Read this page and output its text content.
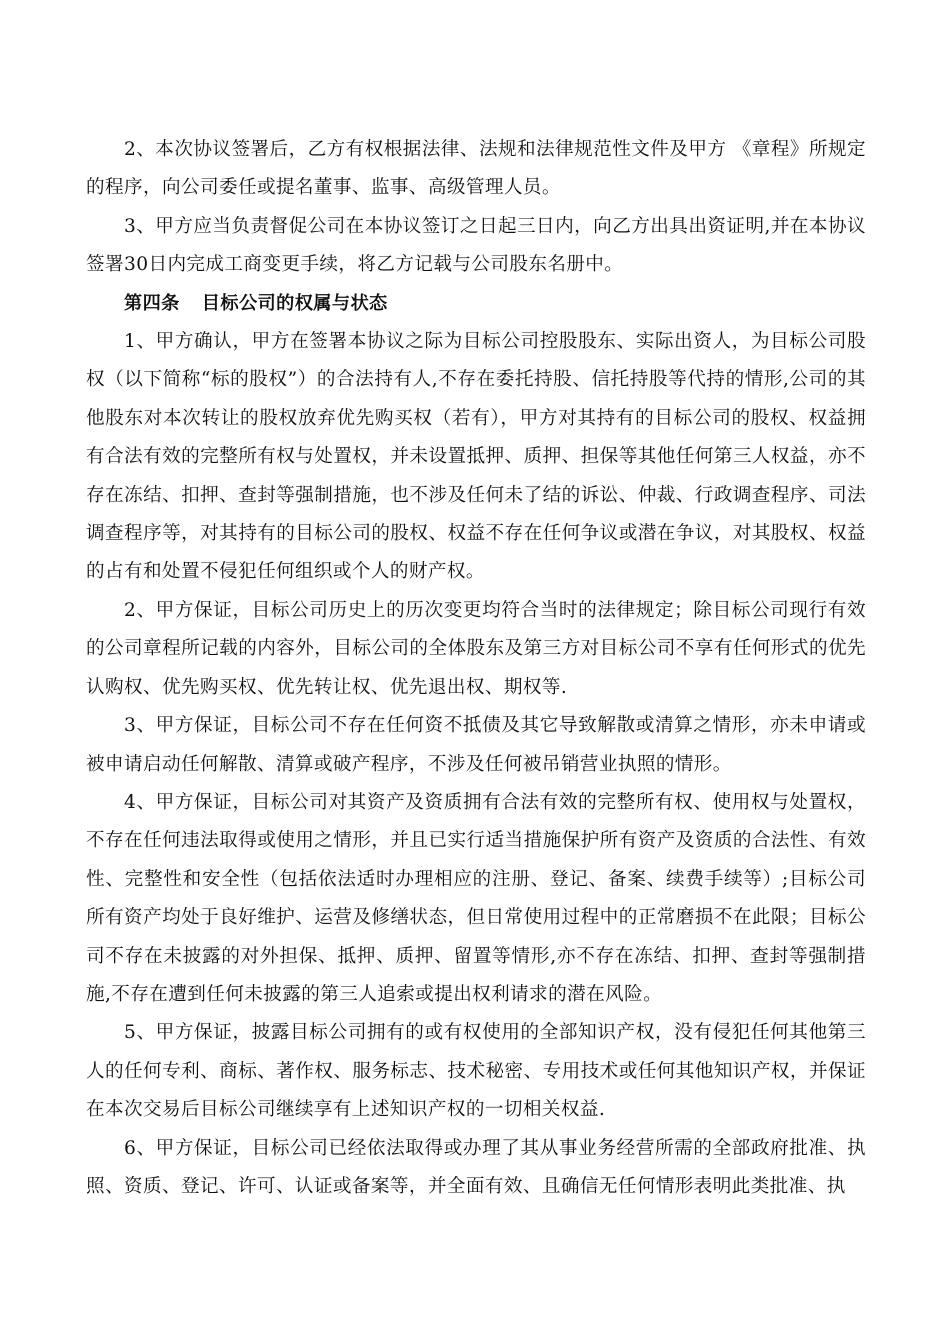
2、本次协议签署后，乙方有权根据法律、法规和法律规范性文件及甲方 《章程》所规定的程序，向公司委任或提名董事、监事、高级管理人员。

3、甲方应当负责督促公司在本协议签订之日起三日内，向乙方出具出资证明,并在本协议签署30日内完成工商变更手续，将乙方记载与公司股东名册中。

第四条 目标公司的权属与状态

1、甲方确认，甲方在签署本协议之际为目标公司控股股东、实际出资人，为目标公司股权（以下简称“标的股权”）的合法持有人,不存在委托持股、信托持股等代持的情形,公司的其他股东对本次转让的股权放弃优先购买权（若有），甲方对其持有的目标公司的股权、权益拥有合法有效的完整所有权与处置权，并未设置抵押、质押、担保等其他任何第三人权益，亦不存在冻结、扣押、查封等强制措施，也不涉及任何未了结的诉讼、仲裁、行政调查程序、司法调查程序等，对其持有的目标公司的股权、权益不存在任何争议或潜在争议，对其股权、权益的占有和处置不侵犯任何组织或个人的财产权。

2、甲方保证，目标公司历史上的历次变更均符合当时的法律规定；除目标公司现行有效的公司章程所记载的内容外，目标公司的全体股东及第三方对目标公司不享有任何形式的优先认购权、优先购买权、优先转让权、优先退出权、期权等.

3、甲方保证，目标公司不存在任何资不抵债及其它导致解散或清算之情形，亦未申请或被申请启动任何解散、清算或破产程序，不涉及任何被吊销营业执照的情形。

4、甲方保证，目标公司对其资产及资质拥有合法有效的完整所有权、使用权与处置权，不存在任何违法取得或使用之情形，并且已实行适当措施保护所有资产及资质的合法性、有效性、完整性和安全性（包括依法适时办理相应的注册、登记、备案、续费手续等）;目标公司所有资产均处于良好维护、运营及修缮状态，但日常使用过程中的正常磨损不在此限；目标公司不存在未披露的对外担保、抵押、质押、留置等情形,亦不存在冻结、扣押、查封等强制措施,不存在遭到任何未披露的第三人追索或提出权利请求的潜在风险。

5、甲方保证，披露目标公司拥有的或有权使用的全部知识产权，没有侵犯任何其他第三人的任何专利、商标、著作权、服务标志、技术秘密、专用技术或任何其他知识产权，并保证在本次交易后目标公司继续享有上述知识产权的一切相关权益.

6、甲方保证，目标公司已经依法取得或办理了其从事业务经营所需的全部政府批准、执照、资质、登记、许可、认证或备案等，并全面有效、且确信无任何情形表明此类批准、执
